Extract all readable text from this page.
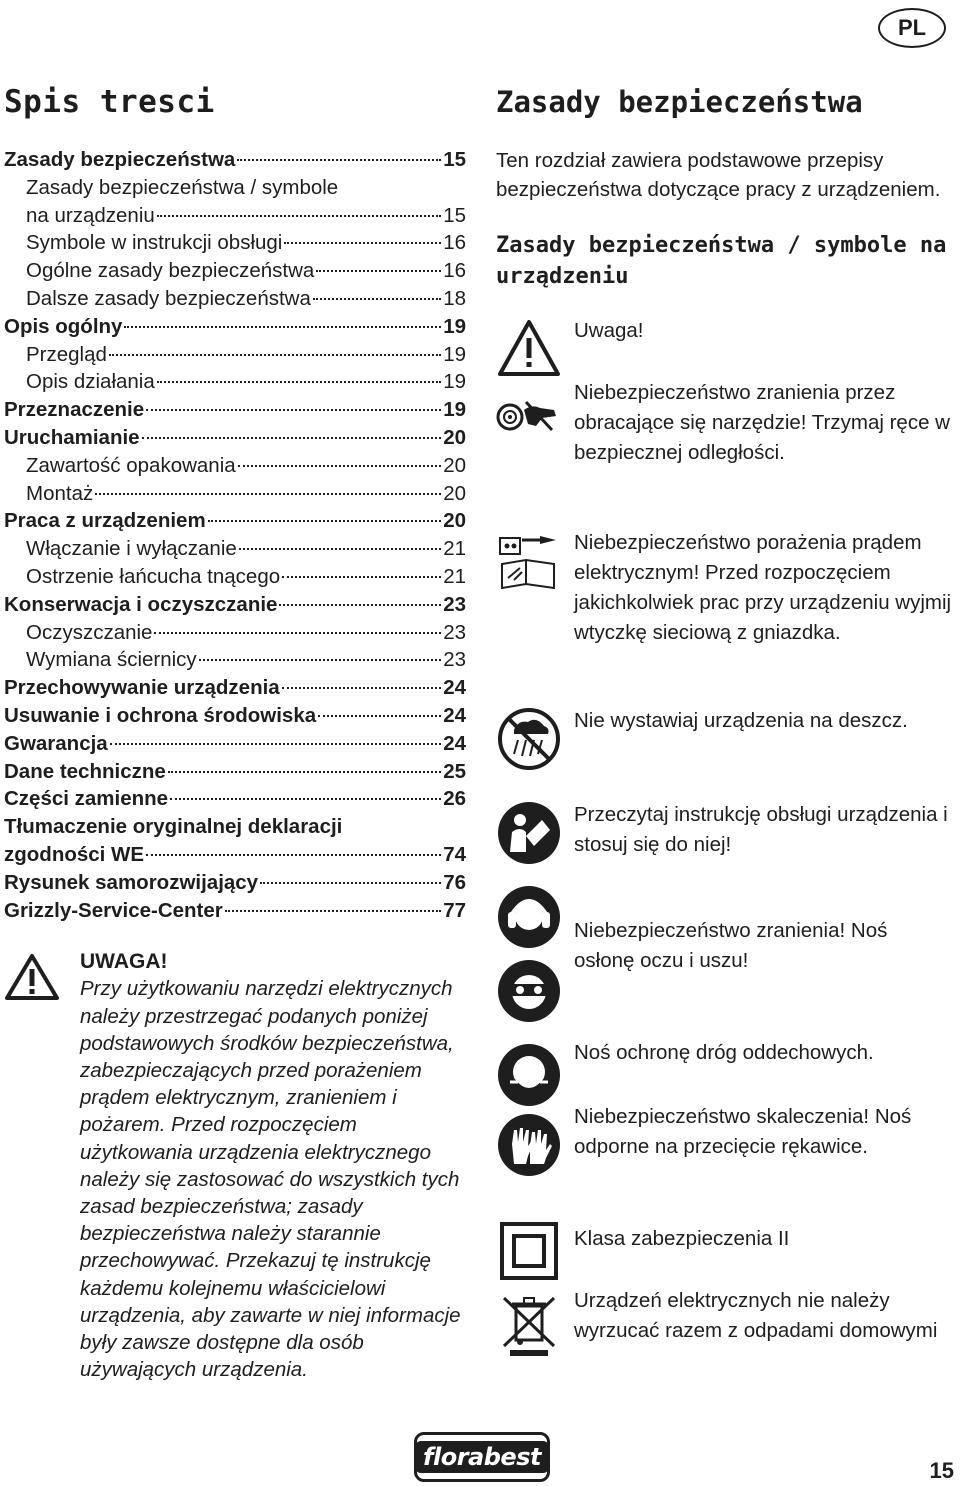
PL
Spis tresci
Zasady bezpieczeństwa	15
Zasady bezpieczeństwa / symbole
na urządzeniu	15
Symbole w instrukcji obsługi	16
Ogólne zasady bezpieczeństwa	16
Dalsze zasady bezpieczeństwa	18
Opis ogólny	19
Przegląd	19
Opis działania	19
Przeznaczenie	19
Uruchamianie	20
Zawartość opakowania	20
Montaż	20
Praca z urządzeniem	20
Włączanie i wyłączanie	21
Ostrzenie łańcucha tnącego	21
Konserwacja i oczyszczanie	23
Oczyszczanie	23
Wymiana ściernicy	23
Przechowywanie urządzenia	24
Usuwanie i ochrona środowiska	24
Gwarancja	24
Dane techniczne	25
Części zamienne	26
Tłumaczenie oryginalnej deklaracji
zgodności WE	74
Rysunek samorozwijający	76
Grizzly-Service-Center	77
UWAGA!
Przy użytkowaniu narzędzi elektrycznych należy przestrzegać podanych poniżej podstawowych środków bezpieczeństwa, zabezpieczających przed porażeniem prądem elektrycznym, zranieniem i pożarem. Przed rozpoczęciem użytkowania urządzenia elektrycznego należy się zastosować do wszystkich tych zasad bezpieczeństwa; zasady bezpieczeństwa należy starannie przechowywać. Przekazuj tę instrukcję każdemu kolejnemu właścicielowi urządzenia, aby zawarte w niej informacje były zawsze dostępne dla osób używających urządzenia.
Zasady bezpieczeństwa
Ten rozdział zawiera podstawowe przepisy bezpieczeństwa dotyczące pracy z urządzeniem.
Zasady bezpieczeństwa / symbole na urządzeniu
Uwaga!
Niebezpieczeństwo zranienia przez obracające się narzędzie! Trzymaj ręce w bezpiecznej odległości.
Niebezpieczeństwo porażenia prądem elektrycznym! Przed rozpoczęciem jakichkolwiek prac przy urządzeniu wyjmij wtyczkę sieciową z gniazdka.
Nie wystawiaj urządzenia na deszcz.
Przeczytaj instrukcję obsługi urządzenia i stosuj się do niej!
Niebezpieczeństwo zranienia! Noś osłonę oczu i uszu!
Noś ochronę dróg oddechowych.
Niebezpieczeństwo skaleczenia! Noś odporne na przecięcie rękawice.
Klasa zabezpieczenia II
Urządzeń elektrycznych nie należy wyrzucać razem z odpadami domowymi
florabest	15
